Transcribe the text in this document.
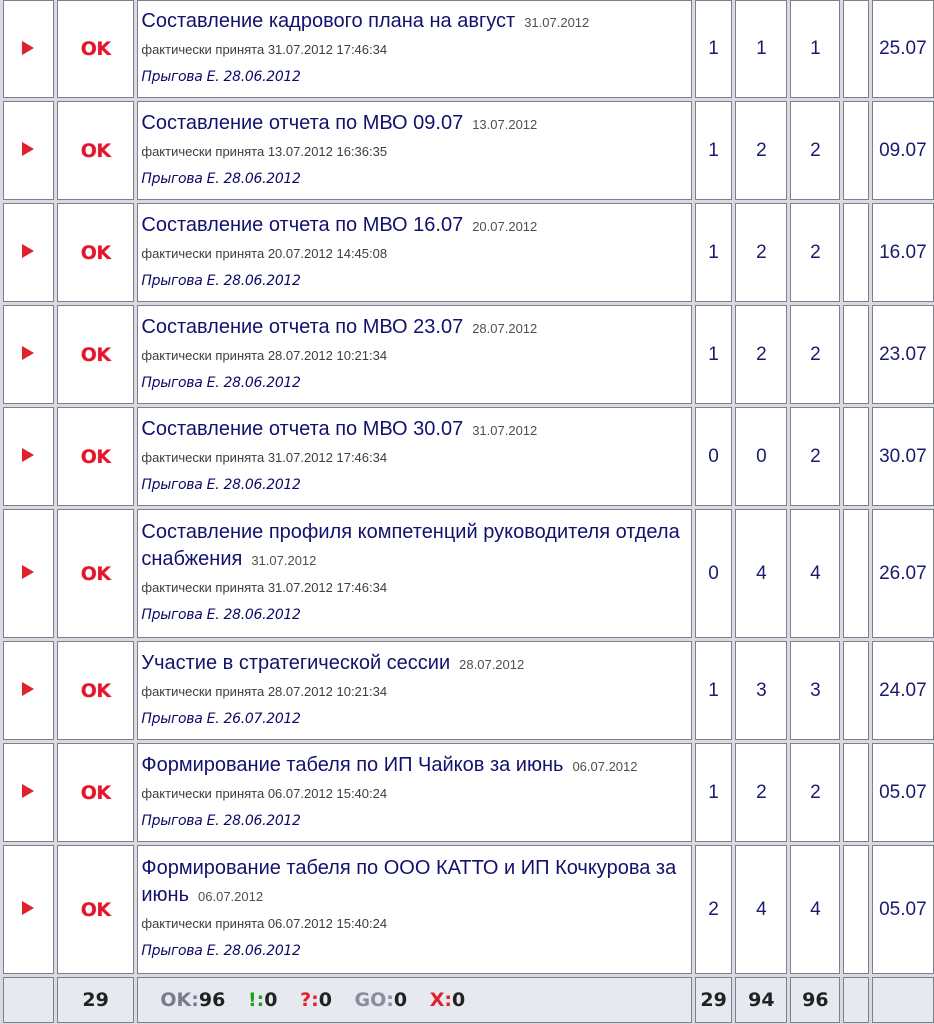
	OK	Составление кадрового плана на август 31.07.2012
фактически принята 31.07.2012 17:46:34
Прыгова Е. 28.06.2012	1	1	1		25.07
	OK	Составление отчета по МВО 09.07 13.07.2012
фактически принята 13.07.2012 16:36:35
Прыгова Е. 28.06.2012	1	2	2		09.07
	OK	Составление отчета по МВО 16.07 20.07.2012
фактически принята 20.07.2012 14:45:08
Прыгова Е. 28.06.2012	1	2	2		16.07
	OK	Составление отчета по МВО 23.07 28.07.2012
фактически принята 28.07.2012 10:21:34
Прыгова Е. 28.06.2012	1	2	2		23.07
	OK	Составление отчета по МВО 30.07 31.07.2012
фактически принята 31.07.2012 17:46:34
Прыгова Е. 28.06.2012	0	0	2		30.07
	OK	Составление профиля компетенций руководителя отдела снабжения 31.07.2012
фактически принята 31.07.2012 17:46:34
Прыгова Е. 28.06.2012	0	4	4		26.07
	OK	Участие в стратегической сессии 28.07.2012
фактически принята 28.07.2012 10:21:34
Прыгова Е. 26.07.2012	1	3	3		24.07
	OK	Формирование табеля по ИП Чайков за июнь 06.07.2012
фактически принята 06.07.2012 15:40:24
Прыгова Е. 28.06.2012	1	2	2		05.07
	OK	Формирование табеля по ООО КАТТО и ИП Кочкурова за июнь 06.07.2012
фактически принята 06.07.2012 15:40:24
Прыгова Е. 28.06.2012	2	4	4		05.07
	29	OK:96 !:0 ?:0 GO:0 X:0	29	94	96		
